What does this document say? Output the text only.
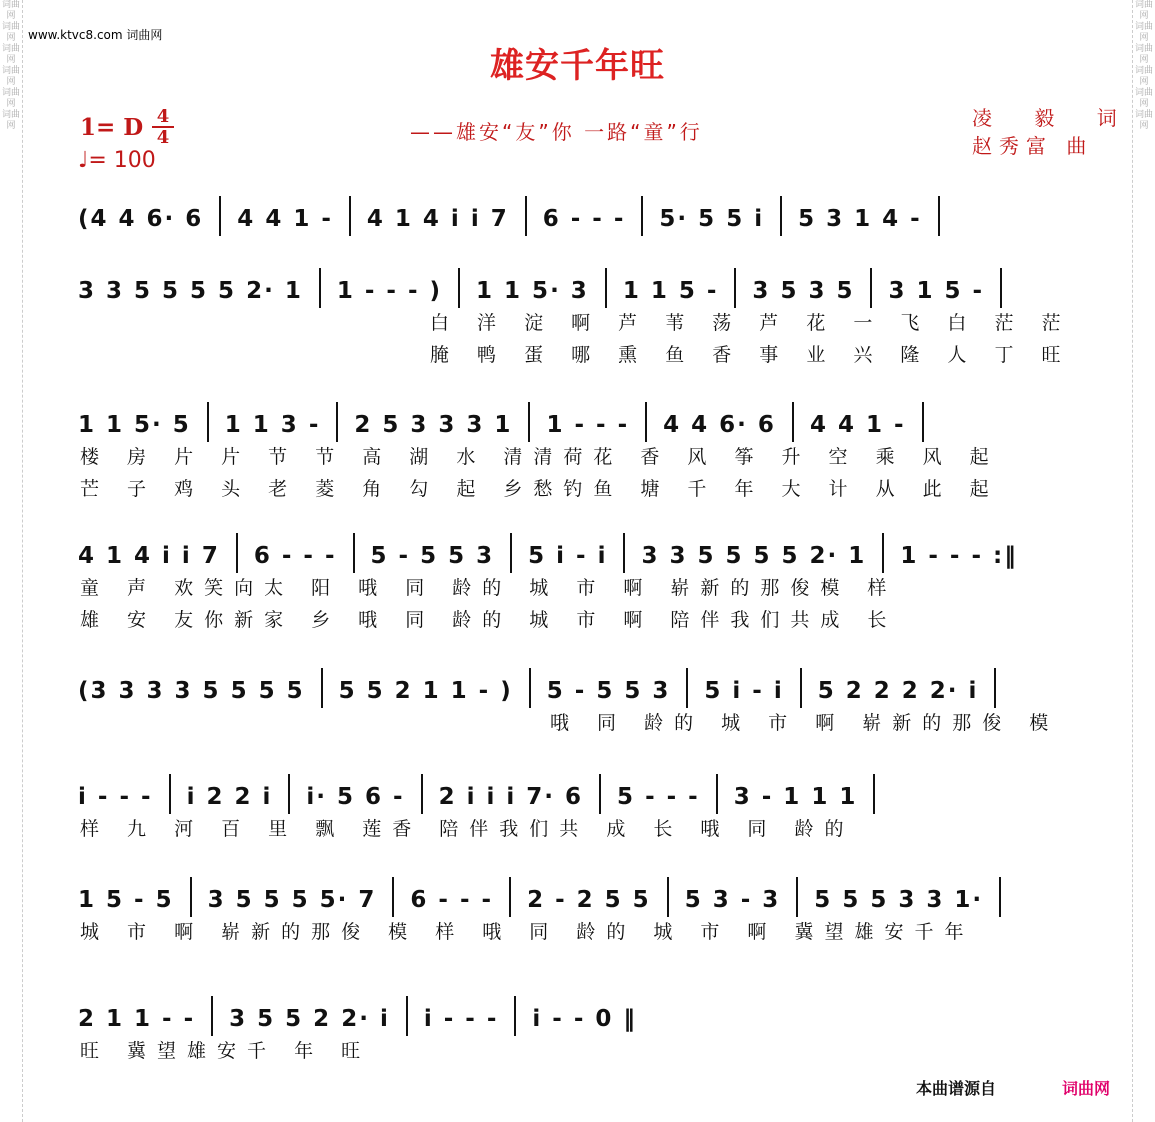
词曲网
词曲网
词曲网
词曲网
词曲网
词曲网
词曲网
词曲网
词曲网
词曲网
词曲网
词曲网
www.ktvc8.com 词曲网
雄安千年旺
1= D 4
4
♩= 100
——雄安“友”你 一路“童”行
凌 毅 词
赵秀富 曲
(4 4 6· 6  4 4 1 -  4 1 4 i i 7  6 - - -  5· 5 5 i  5 3 1 4 -
3 3 5 5 5 5 2· 1  1 - - - )  1 1 5· 3  1 1 5 -  3 5 3 5  3 1 5 -
白 洋 淀 啊 芦 苇 荡 芦 花 一 飞 白 茫 茫
腌 鸭 蛋 哪 熏 鱼 香 事 业 兴 隆 人 丁 旺
1 1 5· 5  1 1 3 -  2 5 3 3 3 1  1 - - -  4 4 6· 6  4 4 1 -
楼 房 片 片 节 节 高 湖 水 清清荷花 香 风 筝 升 空 乘 风 起
芒 子 鸡 头 老 菱 角 勾 起 乡愁钓鱼 塘 千 年 大 计 从 此 起
4 1 4 i i 7  6 - - -  5 - 5 5 3  5 i - i  3 3 5 5 5 5 2· 1  1 - - - :‖
童 声 欢笑向太 阳 哦 同 龄的 城 市 啊 崭新的那俊模 样
雄 安 友你新家 乡 哦 同 龄的 城 市 啊 陪伴我们共成 长
(3 3 3 3 5 5 5 5  5 5 2 1 1 - )  5 - 5 5 3  5 i - i  5 2 2 2 2· i
哦 同 龄的 城 市 啊 崭新的那俊 模
i - - -  i 2 2 i  i· 5 6 -  2 i i i 7· 6  5 - - -  3 - 1 1 1
样 九 河 百 里 飘 莲香 陪伴我们共 成 长 哦 同 龄的
1 5 - 5  3 5 5 5 5· 7  6 - - -  2 - 2 5 5  5 3 - 3  5 5 5 3 3 1·
城 市 啊 崭新的那俊 模 样 哦 同 龄的 城 市 啊 冀望雄安千年
2 1 1 - -  3 5 5 2 2· i  i - - -  i - - 0 ‖
旺 冀望雄安千 年 旺
本曲谱源自	词曲网
